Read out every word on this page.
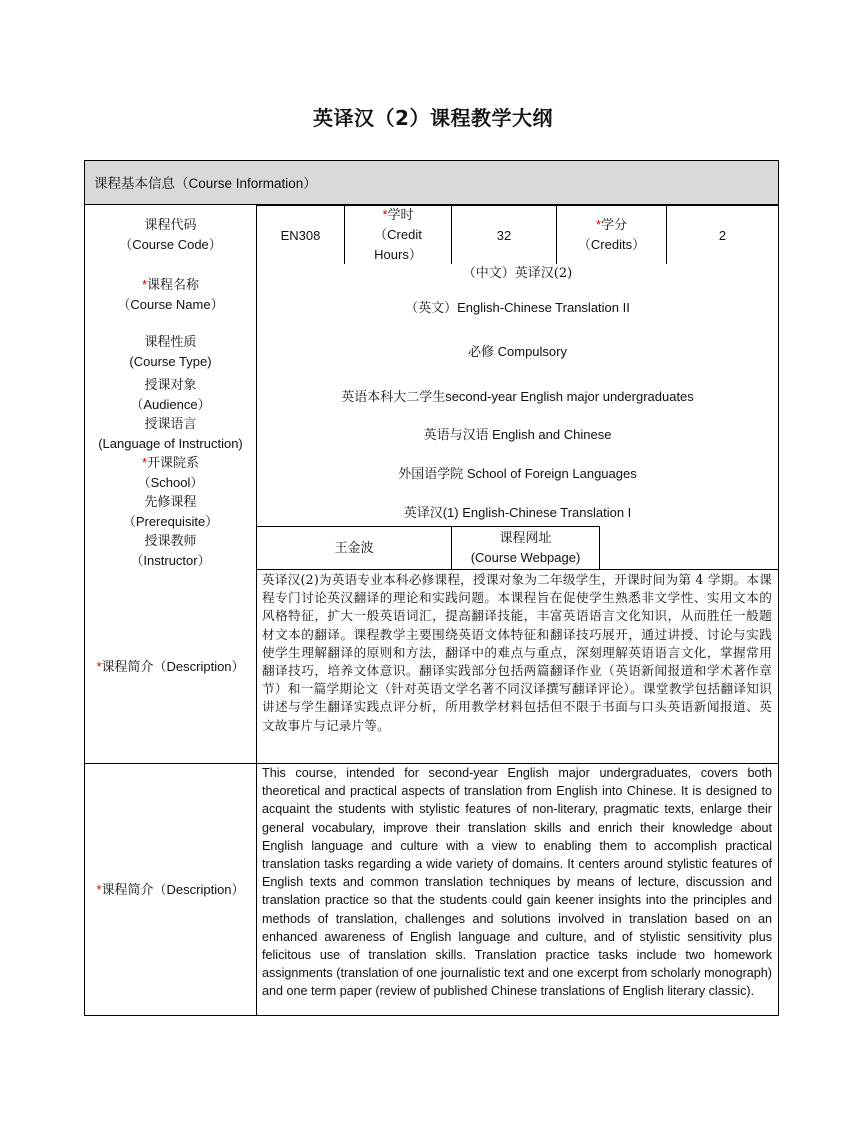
英译汉（2）课程教学大纲
课程基本信息（Course Information）
课程代码
（Course Code）
EN308
*学时
（Credit
Hours）
32
*学分
（Credits）
2
*课程名称
（Course Name）
（中文）英译汉(2)
（英文）English-Chinese Translation II
课程性质
(Course Type)
必修 Compulsory
授课对象
（Audience）
英语本科大二学生second-year English major undergraduates
授课语言
(Language of Instruction)
英语与汉语 English and Chinese
*开课院系
（School）
外国语学院 School of Foreign Languages
先修课程
（Prerequisite）
英译汉(1) English-Chinese Translation I
授课教师
（Instructor）
王金波
课程网址
(Course Webpage)
*课程简介（Description）
英译汉(2)为英语专业本科必修课程，授课对象为二年级学生，开课时间为第 4 学期。本课程专门讨论英汉翻译的理论和实践问题。本课程旨在促使学生熟悉非文学性、实用文本的风格特征，扩大一般英语词汇，提高翻译技能，丰富英语语言文化知识，从而胜任一般题材文本的翻译。课程教学主要围绕英语文体特征和翻译技巧展开，通过讲授、讨论与实践使学生理解翻译的原则和方法，翻译中的难点与重点，深刻理解英语语言文化，掌握常用翻译技巧，培养文体意识。翻译实践部分包括两篇翻译作业（英语新闻报道和学术著作章节）和一篇学期论文（针对英语文学名著不同汉译撰写翻译评论）。课堂教学包括翻译知识讲述与学生翻译实践点评分析，所用教学材料包括但不限于书面与口头英语新闻报道、英文故事片与记录片等。
*课程简介（Description）
This course, intended for second-year English major undergraduates, covers both theoretical and practical aspects of translation from English into Chinese. It is designed to acquaint the students with stylistic features of non-literary, pragmatic texts, enlarge their general vocabulary, improve their translation skills and enrich their knowledge about English language and culture with a view to enabling them to accomplish practical translation tasks regarding a wide variety of domains. It centers around stylistic features of English texts and common translation techniques by means of lecture, discussion and translation practice so that the students could gain keener insights into the principles and methods of translation, challenges and solutions involved in translation based on an enhanced awareness of English language and culture, and of stylistic sensitivity plus felicitous use of translation skills. Translation practice tasks include two homework assignments (translation of one journalistic text and one excerpt from scholarly monograph) and one term paper (review of published Chinese translations of English literary classic).
